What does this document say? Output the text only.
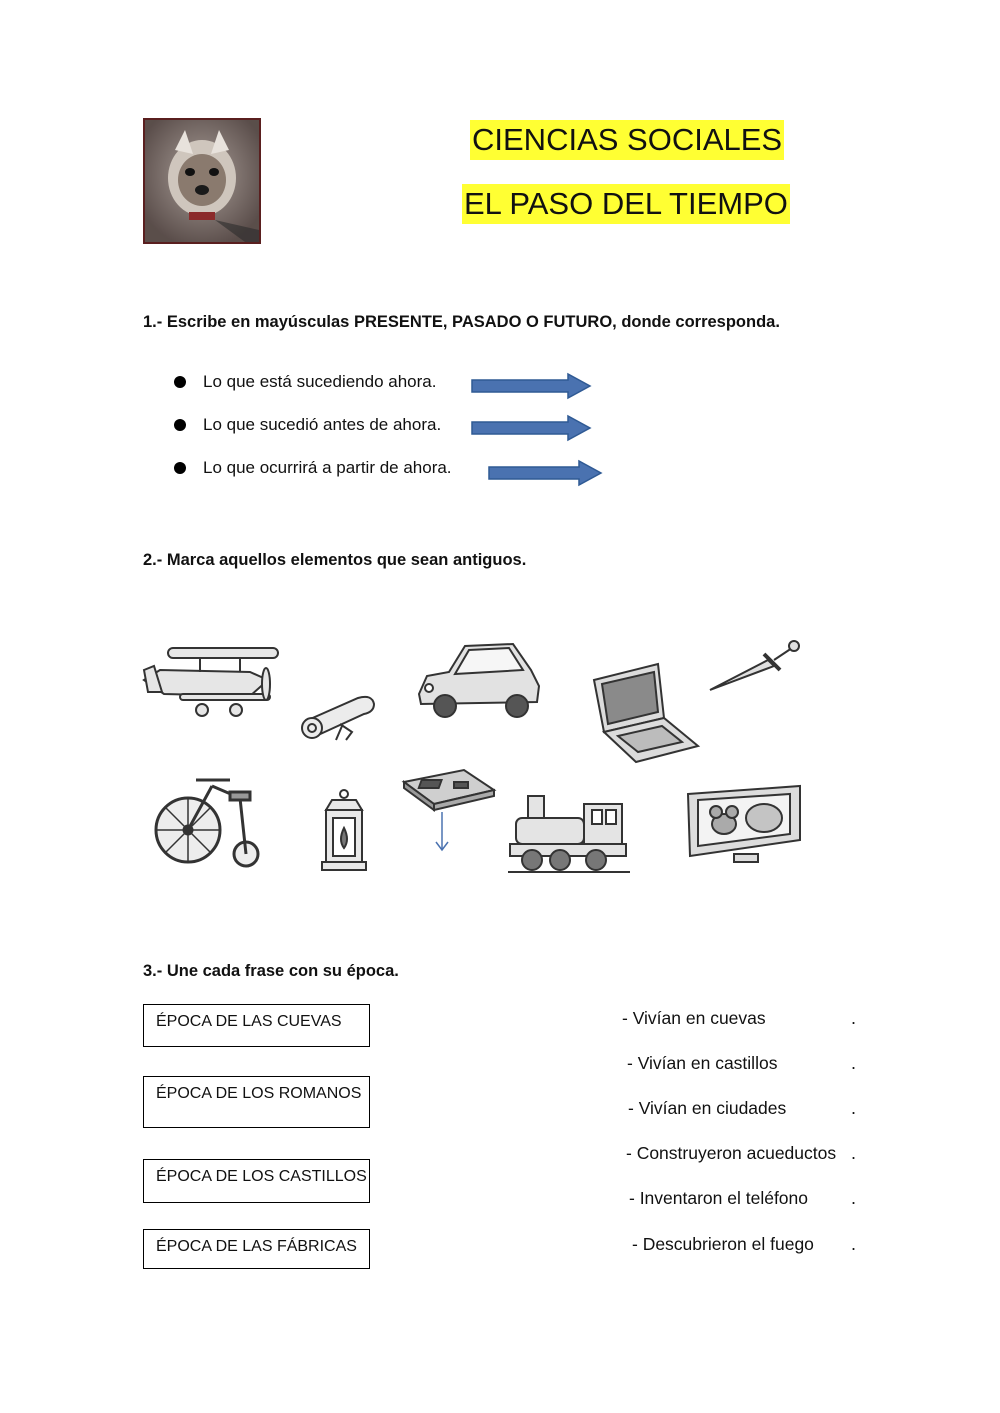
CIENCIAS SOCIALES
EL PASO DEL TIEMPO
1.- Escribe en mayúsculas PRESENTE, PASADO O FUTURO, donde corresponda.
Lo que está sucediendo ahora.
Lo que sucedió antes de ahora.
Lo que ocurrirá a partir de ahora.
2.- Marca aquellos elementos que sean antiguos.
3.- Une cada frase con su época.
ÉPOCA DE LAS CUEVAS
ÉPOCA DE LOS ROMANOS
ÉPOCA DE LOS CASTILLOS
ÉPOCA DE LAS FÁBRICAS
- Vivían en cuevas
- Vivían en castillos
- Vivían en ciudades
- Construyeron acueductos
- Inventaron el teléfono
- Descubrieron el fuego
.
.
.
.
.
.
